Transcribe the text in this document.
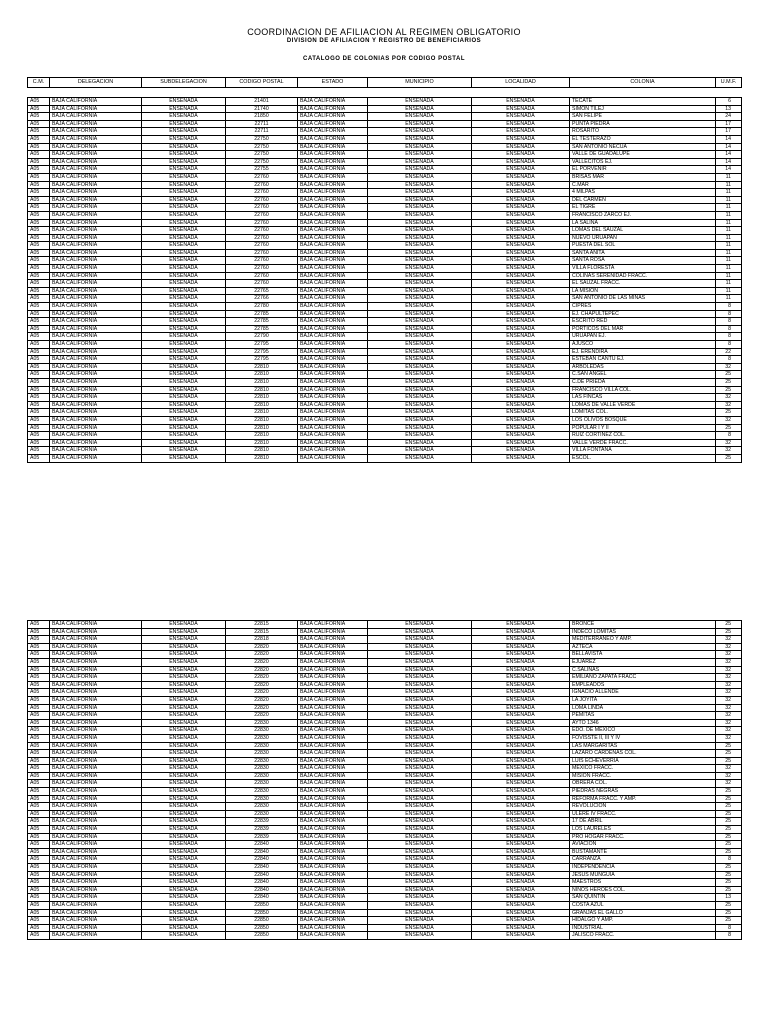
COORDINACION DE AFILIACION AL REGIMEN OBLIGATORIO
DIVISION DE AFILIACION Y REGISTRO DE BENEFICIARIOS
CATALOGO DE COLONIAS POR CODIGO POSTAL
C.M.	DELEGACION	SUBDELEGACION	CODIGO POSTAL	ESTADO	MUNICIPIO	LOCALIDAD	COLONIA	U.M.F.
A05	BAJA CALIFORNIA	ENSENADA	21401	BAJA CALIFORNIA	ENSENADA	ENSENADA	TECATE	6
A05	BAJA CALIFORNIA	ENSENADA	21740	BAJA CALIFORNIA	ENSENADA	ENSENADA	SIMON TILEJ	13
A05	BAJA CALIFORNIA	ENSENADA	21850	BAJA CALIFORNIA	ENSENADA	ENSENADA	SAN FELIPE	24
A05	BAJA CALIFORNIA	ENSENADA	22711	BAJA CALIFORNIA	ENSENADA	ENSENADA	PUNTA PIEDRA	17
A05	BAJA CALIFORNIA	ENSENADA	22711	BAJA CALIFORNIA	ENSENADA	ENSENADA	ROSARITO	17
A05	BAJA CALIFORNIA	ENSENADA	22750	BAJA CALIFORNIA	ENSENADA	ENSENADA	EL TESTERAZO	14
A05	BAJA CALIFORNIA	ENSENADA	22750	BAJA CALIFORNIA	ENSENADA	ENSENADA	SAN ANTONIO NECUA	14
A05	BAJA CALIFORNIA	ENSENADA	22750	BAJA CALIFORNIA	ENSENADA	ENSENADA	VALLE DE GUADALUPE	14
A05	BAJA CALIFORNIA	ENSENADA	22750	BAJA CALIFORNIA	ENSENADA	ENSENADA	VALLECITOS EJ.	14
A05	BAJA CALIFORNIA	ENSENADA	22755	BAJA CALIFORNIA	ENSENADA	ENSENADA	EL PORVENIR	14
A05	BAJA CALIFORNIA	ENSENADA	22760	BAJA CALIFORNIA	ENSENADA	ENSENADA	BRISAS MAR	11
A05	BAJA CALIFORNIA	ENSENADA	22760	BAJA CALIFORNIA	ENSENADA	ENSENADA	C.MAR	11
A05	BAJA CALIFORNIA	ENSENADA	22760	BAJA CALIFORNIA	ENSENADA	ENSENADA	4 MILPAS	11
A05	BAJA CALIFORNIA	ENSENADA	22760	BAJA CALIFORNIA	ENSENADA	ENSENADA	DEL CARMEN	11
A05	BAJA CALIFORNIA	ENSENADA	22760	BAJA CALIFORNIA	ENSENADA	ENSENADA	EL TIGRE	11
A05	BAJA CALIFORNIA	ENSENADA	22760	BAJA CALIFORNIA	ENSENADA	ENSENADA	FRANCISCO ZARCO EJ.	11
A05	BAJA CALIFORNIA	ENSENADA	22760	BAJA CALIFORNIA	ENSENADA	ENSENADA	LA SALINA	11
A05	BAJA CALIFORNIA	ENSENADA	22760	BAJA CALIFORNIA	ENSENADA	ENSENADA	LOMAS DEL SAUZAL	11
A05	BAJA CALIFORNIA	ENSENADA	22760	BAJA CALIFORNIA	ENSENADA	ENSENADA	NUEVO URUAPAN	11
A05	BAJA CALIFORNIA	ENSENADA	22760	BAJA CALIFORNIA	ENSENADA	ENSENADA	PUESTA DEL SOL	11
A05	BAJA CALIFORNIA	ENSENADA	22760	BAJA CALIFORNIA	ENSENADA	ENSENADA	SANTA ANITA	11
A05	BAJA CALIFORNIA	ENSENADA	22760	BAJA CALIFORNIA	ENSENADA	ENSENADA	SANTA ROSA	11
A05	BAJA CALIFORNIA	ENSENADA	22760	BAJA CALIFORNIA	ENSENADA	ENSENADA	VILLA FLORESTA	11
A05	BAJA CALIFORNIA	ENSENADA	22760	BAJA CALIFORNIA	ENSENADA	ENSENADA	COLINAS SERENIDAD FRACC.	11
A05	BAJA CALIFORNIA	ENSENADA	22760	BAJA CALIFORNIA	ENSENADA	ENSENADA	EL SAUZAL FRACC.	11
A05	BAJA CALIFORNIA	ENSENADA	22765	BAJA CALIFORNIA	ENSENADA	ENSENADA	LA MISION	11
A05	BAJA CALIFORNIA	ENSENADA	22766	BAJA CALIFORNIA	ENSENADA	ENSENADA	SAN ANTONIO DE LAS MINAS	11
A05	BAJA CALIFORNIA	ENSENADA	22780	BAJA CALIFORNIA	ENSENADA	ENSENADA	CIPRES	8
A05	BAJA CALIFORNIA	ENSENADA	22785	BAJA CALIFORNIA	ENSENADA	ENSENADA	EJ. CHAPULTEPEC	8
A05	BAJA CALIFORNIA	ENSENADA	22785	BAJA CALIFORNIA	ENSENADA	ENSENADA	ESCRITO RED	8
A05	BAJA CALIFORNIA	ENSENADA	22785	BAJA CALIFORNIA	ENSENADA	ENSENADA	PORTICOS DEL MAR	8
A05	BAJA CALIFORNIA	ENSENADA	22790	BAJA CALIFORNIA	ENSENADA	ENSENADA	URUAPAN EJ.	8
A05	BAJA CALIFORNIA	ENSENADA	22795	BAJA CALIFORNIA	ENSENADA	ENSENADA	AJUSCO	8
A05	BAJA CALIFORNIA	ENSENADA	22795	BAJA CALIFORNIA	ENSENADA	ENSENADA	EJ. ERENDIRA	22
A05	BAJA CALIFORNIA	ENSENADA	22795	BAJA CALIFORNIA	ENSENADA	ENSENADA	ESTEBAN CANTU EJ.	8
A05	BAJA CALIFORNIA	ENSENADA	22810	BAJA CALIFORNIA	ENSENADA	ENSENADA	ARBOLEDAS	32
A05	BAJA CALIFORNIA	ENSENADA	22810	BAJA CALIFORNIA	ENSENADA	ENSENADA	C.SAN ANGEL	25
A05	BAJA CALIFORNIA	ENSENADA	22810	BAJA CALIFORNIA	ENSENADA	ENSENADA	C.DE PRIEDA	25
A05	BAJA CALIFORNIA	ENSENADA	22810	BAJA CALIFORNIA	ENSENADA	ENSENADA	FRANCISCO VILLA COL.	25
A05	BAJA CALIFORNIA	ENSENADA	22810	BAJA CALIFORNIA	ENSENADA	ENSENADA	LAS FINCAS	32
A05	BAJA CALIFORNIA	ENSENADA	22810	BAJA CALIFORNIA	ENSENADA	ENSENADA	LOMAS DE VALLE VERDE	32
A05	BAJA CALIFORNIA	ENSENADA	22810	BAJA CALIFORNIA	ENSENADA	ENSENADA	LOMITAS COL.	25
A05	BAJA CALIFORNIA	ENSENADA	22810	BAJA CALIFORNIA	ENSENADA	ENSENADA	LOS OLIVOS BOSQUE	32
A05	BAJA CALIFORNIA	ENSENADA	22810	BAJA CALIFORNIA	ENSENADA	ENSENADA	POPULAR I Y II	25
A05	BAJA CALIFORNIA	ENSENADA	22810	BAJA CALIFORNIA	ENSENADA	ENSENADA	RUIZ CORTINEZ COL.	8
A05	BAJA CALIFORNIA	ENSENADA	22810	BAJA CALIFORNIA	ENSENADA	ENSENADA	VALLE VERDE FRACC.	32
A05	BAJA CALIFORNIA	ENSENADA	22810	BAJA CALIFORNIA	ENSENADA	ENSENADA	VILLA FONTANA	32
A05	BAJA CALIFORNIA	ENSENADA	22810	BAJA CALIFORNIA	ENSENADA	ENSENADA	ESCOL.	25
A05	BAJA CALIFORNIA	ENSENADA	22815	BAJA CALIFORNIA	ENSENADA	ENSENADA	BRONCE	25
A05	BAJA CALIFORNIA	ENSENADA	22815	BAJA CALIFORNIA	ENSENADA	ENSENADA	INDECO LOMITAS	25
A05	BAJA CALIFORNIA	ENSENADA	22818	BAJA CALIFORNIA	ENSENADA	ENSENADA	MEDITERRANEO Y AMP.	32
A05	BAJA CALIFORNIA	ENSENADA	22820	BAJA CALIFORNIA	ENSENADA	ENSENADA	AZTECA	32
A05	BAJA CALIFORNIA	ENSENADA	22820	BAJA CALIFORNIA	ENSENADA	ENSENADA	BELLAVISTA	32
A05	BAJA CALIFORNIA	ENSENADA	22820	BAJA CALIFORNIA	ENSENADA	ENSENADA	EJUAREZ	32
A05	BAJA CALIFORNIA	ENSENADA	22820	BAJA CALIFORNIA	ENSENADA	ENSENADA	C.SALINAS	32
A05	BAJA CALIFORNIA	ENSENADA	22820	BAJA CALIFORNIA	ENSENADA	ENSENADA	EMILIANO ZAPATA FRACC	32
A05	BAJA CALIFORNIA	ENSENADA	22820	BAJA CALIFORNIA	ENSENADA	ENSENADA	EMPLEADOS	32
A05	BAJA CALIFORNIA	ENSENADA	22820	BAJA CALIFORNIA	ENSENADA	ENSENADA	IGNACIO ALLENDE	32
A05	BAJA CALIFORNIA	ENSENADA	22820	BAJA CALIFORNIA	ENSENADA	ENSENADA	LA JOYITA	32
A05	BAJA CALIFORNIA	ENSENADA	22820	BAJA CALIFORNIA	ENSENADA	ENSENADA	LOMA LINDA	32
A05	BAJA CALIFORNIA	ENSENADA	22820	BAJA CALIFORNIA	ENSENADA	ENSENADA	PEMITAS	32
A05	BAJA CALIFORNIA	ENSENADA	22830	BAJA CALIFORNIA	ENSENADA	ENSENADA	AYTO 1346	32
A05	BAJA CALIFORNIA	ENSENADA	22830	BAJA CALIFORNIA	ENSENADA	ENSENADA	EDO. DE MEXICO	32
A05	BAJA CALIFORNIA	ENSENADA	22830	BAJA CALIFORNIA	ENSENADA	ENSENADA	FOVISSTE II, III Y IV	32
A05	BAJA CALIFORNIA	ENSENADA	22830	BAJA CALIFORNIA	ENSENADA	ENSENADA	LAS MARGARITAS	25
A05	BAJA CALIFORNIA	ENSENADA	22830	BAJA CALIFORNIA	ENSENADA	ENSENADA	LAZARO CARDENAS COL.	25
A05	BAJA CALIFORNIA	ENSENADA	22830	BAJA CALIFORNIA	ENSENADA	ENSENADA	LUIS ECHEVERRIA	25
A05	BAJA CALIFORNIA	ENSENADA	22830	BAJA CALIFORNIA	ENSENADA	ENSENADA	MEXICO FRACC.	32
A05	BAJA CALIFORNIA	ENSENADA	22830	BAJA CALIFORNIA	ENSENADA	ENSENADA	MISION FRACC.	32
A05	BAJA CALIFORNIA	ENSENADA	22830	BAJA CALIFORNIA	ENSENADA	ENSENADA	OBRERA COL.	32
A05	BAJA CALIFORNIA	ENSENADA	22830	BAJA CALIFORNIA	ENSENADA	ENSENADA	PIEDRAS NEGRAS	25
A05	BAJA CALIFORNIA	ENSENADA	22830	BAJA CALIFORNIA	ENSENADA	ENSENADA	REFORMA FRACC. Y AMP.	25
A05	BAJA CALIFORNIA	ENSENADA	22830	BAJA CALIFORNIA	ENSENADA	ENSENADA	REVOLUCION	25
A05	BAJA CALIFORNIA	ENSENADA	22830	BAJA CALIFORNIA	ENSENADA	ENSENADA	ULERE IV FRACC.	25
A05	BAJA CALIFORNIA	ENSENADA	22839	BAJA CALIFORNIA	ENSENADA	ENSENADA	17 DE ABRIL	25
A05	BAJA CALIFORNIA	ENSENADA	22839	BAJA CALIFORNIA	ENSENADA	ENSENADA	LOS LAURELES	25
A05	BAJA CALIFORNIA	ENSENADA	22839	BAJA CALIFORNIA	ENSENADA	ENSENADA	PRO HOGAR FRACC.	25
A05	BAJA CALIFORNIA	ENSENADA	22840	BAJA CALIFORNIA	ENSENADA	ENSENADA	AVIACION	25
A05	BAJA CALIFORNIA	ENSENADA	22840	BAJA CALIFORNIA	ENSENADA	ENSENADA	BUSTAMANTE	25
A05	BAJA CALIFORNIA	ENSENADA	22840	BAJA CALIFORNIA	ENSENADA	ENSENADA	CARRANZA	8
A05	BAJA CALIFORNIA	ENSENADA	22840	BAJA CALIFORNIA	ENSENADA	ENSENADA	INDEPENDENCIA	25
A05	BAJA CALIFORNIA	ENSENADA	22840	BAJA CALIFORNIA	ENSENADA	ENSENADA	JESUS MUNGUIA	25
A05	BAJA CALIFORNIA	ENSENADA	22840	BAJA CALIFORNIA	ENSENADA	ENSENADA	MAESTROS	25
A05	BAJA CALIFORNIA	ENSENADA	22840	BAJA CALIFORNIA	ENSENADA	ENSENADA	NIÑOS HEROES COL.	25
A05	BAJA CALIFORNIA	ENSENADA	22840	BAJA CALIFORNIA	ENSENADA	ENSENADA	SAN QUINTIN	13
A05	BAJA CALIFORNIA	ENSENADA	22850	BAJA CALIFORNIA	ENSENADA	ENSENADA	COSTA AZUL	25
A05	BAJA CALIFORNIA	ENSENADA	22850	BAJA CALIFORNIA	ENSENADA	ENSENADA	GRANJAS EL GALLO	25
A05	BAJA CALIFORNIA	ENSENADA	22850	BAJA CALIFORNIA	ENSENADA	ENSENADA	HIDALGO Y AMP.	25
A05	BAJA CALIFORNIA	ENSENADA	22850	BAJA CALIFORNIA	ENSENADA	ENSENADA	INDUSTRIAL	8
A05	BAJA CALIFORNIA	ENSENADA	22850	BAJA CALIFORNIA	ENSENADA	ENSENADA	JALISCO FRACC.	8
